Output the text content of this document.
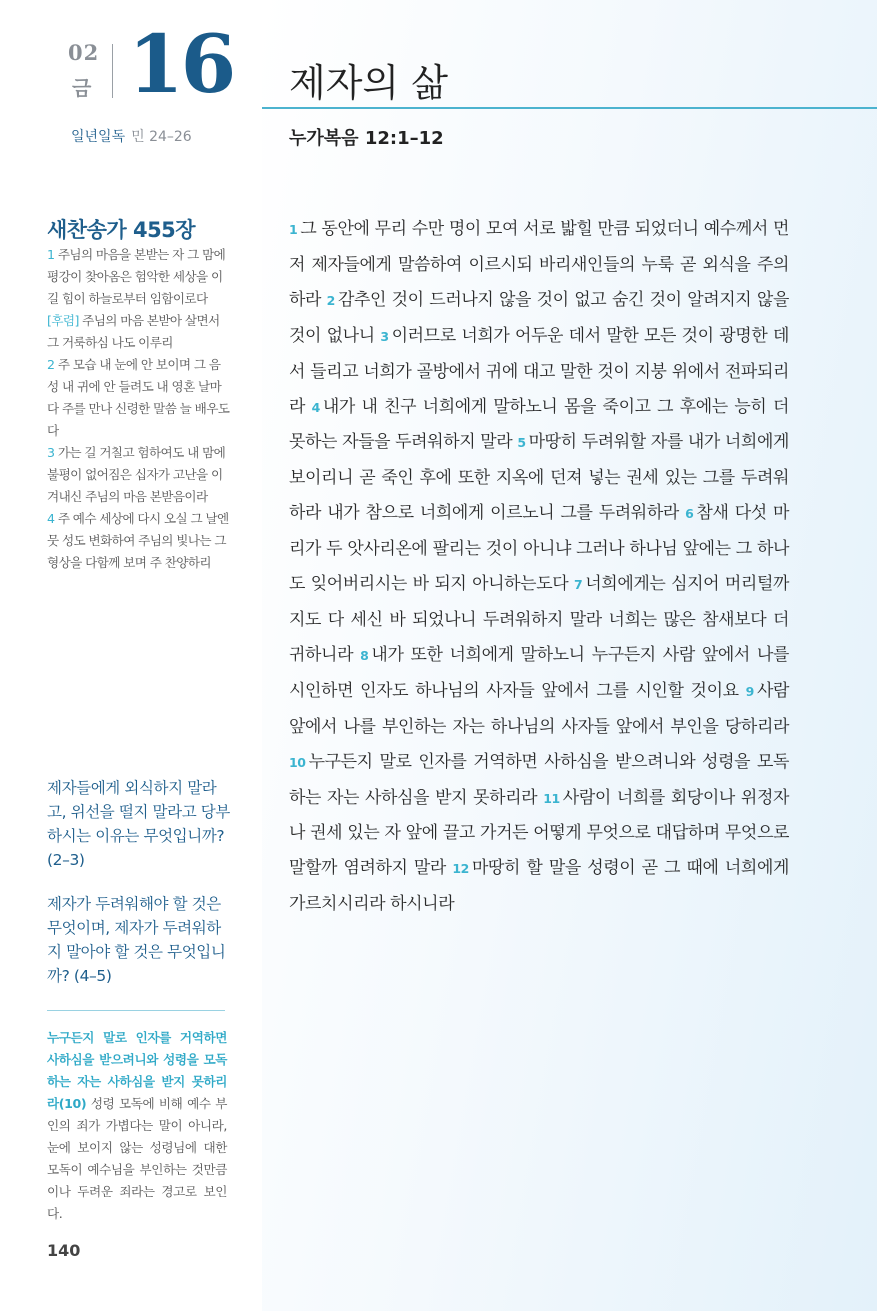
02
금 16 제자의 삶
일년일독 민 24–26	누가복음 12:1–12
새찬송가 455장

1 주님의 마음을 본받는 자 그 맘에 평강이 찾아옴은 험악한 세상을 이길 힘이 하늘로부터 임함이로다

[후렴] 주님의 마음 본받아 살면서 그 거룩하심 나도 이루리

2 주 모습 내 눈에 안 보이며 그 음성 내 귀에 안 들려도 내 영혼 날마다 주를 만나 신령한 말씀 늘 배우도다

3 가는 길 거칠고 험하여도 내 맘에 불평이 없어짐은 십자가 고난을 이겨내신 주님의 마음 본받음이라

4 주 예수 세상에 다시 오실 그 날엔 뭇 성도 변화하여 주님의 빛나는 그 형상을 다함께 보며 주 찬양하리

제자들에게 외식하지 말라고, 위선을 떨지 말라고 당부하시는 이유는 무엇입니까? (2–3)

제자가 두려워해야 할 것은 무엇이며, 제자가 두려워하지 말아야 할 것은 무엇입니까? (4–5)

누구든지 말로 인자를 거역하면 사하심을 받으려니와 성령을 모독하는 자는 사하심을 받지 못하리라(10) 성령 모독에 비해 예수 부인의 죄가 가볍다는 말이 아니라, 눈에 보이지 않는 성령님에 대한 모독이 예수님을 부인하는 것만큼이나 두려운 죄라는 경고로 보인다.
140
1 그 동안에 무리 수만 명이 모여 서로 밟힐 만큼 되었더니 예수께서 먼저 제자들에게 말씀하여 이르시되 바리새인들의 누룩 곧 외식을 주의하라 2 감추인 것이 드러나지 않을 것이 없고 숨긴 것이 알려지지 않을 것이 없나니 3 이러므로 너희가 어두운 데서 말한 모든 것이 광명한 데서 들리고 너희가 골방에서 귀에 대고 말한 것이 지붕 위에서 전파되리라 4 내가 내 친구 너희에게 말하노니 몸을 죽이고 그 후에는 능히 더 못하는 자들을 두려워하지 말라 5 마땅히 두려워할 자를 내가 너희에게 보이리니 곧 죽인 후에 또한 지옥에 던져 넣는 권세 있는 그를 두려워하라 내가 참으로 너희에게 이르노니 그를 두려워하라 6 참새 다섯 마리가 두 앗사리온에 팔리는 것이 아니냐 그러나 하나님 앞에는 그 하나도 잊어버리시는 바 되지 아니하는도다 7 너희에게는 심지어 머리털까지도 다 세신 바 되었나니 두려워하지 말라 너희는 많은 참새보다 더 귀하니라 8 내가 또한 너희에게 말하노니 누구든지 사람 앞에서 나를 시인하면 인자도 하나님의 사자들 앞에서 그를 시인할 것이요 9 사람 앞에서 나를 부인하는 자는 하나님의 사자들 앞에서 부인을 당하리라 10 누구든지 말로 인자를 거역하면 사하심을 받으려니와 성령을 모독하는 자는 사하심을 받지 못하리라 11 사람이 너희를 회당이나 위정자나 권세 있는 자 앞에 끌고 가거든 어떻게 무엇으로 대답하며 무엇으로 말할까 염려하지 말라 12 마땅히 할 말을 성령이 곧 그 때에 너희에게 가르치시리라 하시니라
